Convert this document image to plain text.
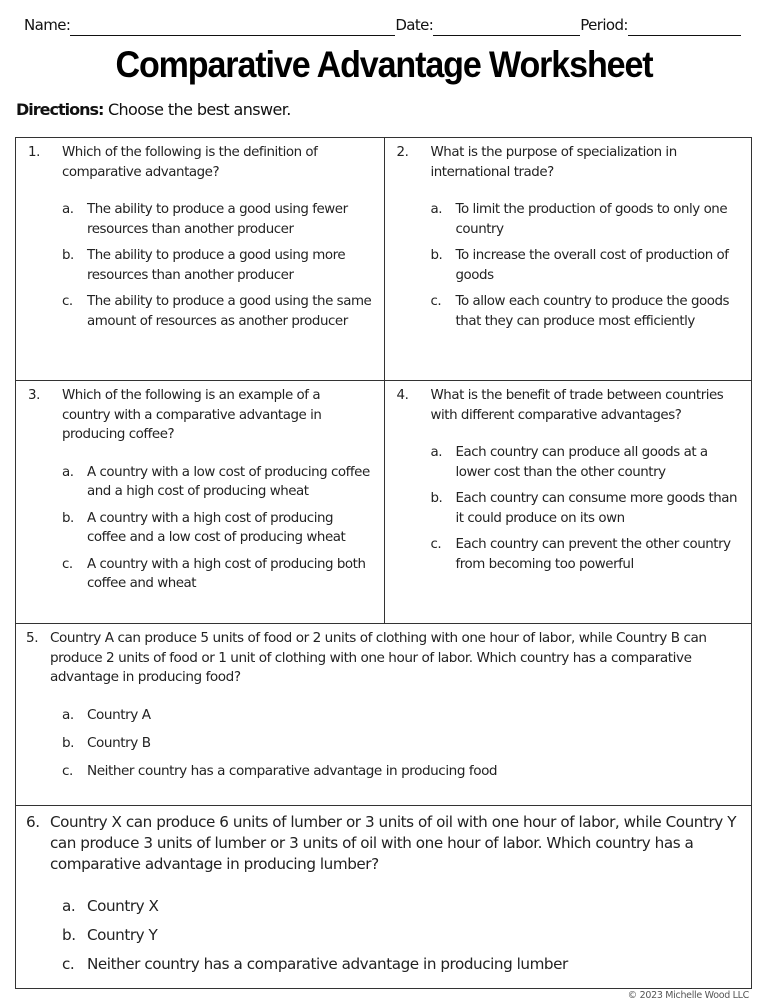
Name:	Date:	Period:
Comparative Advantage Worksheet
Directions: Choose the best answer.
1.	Which of the following is the definition of comparative advantage?
a.	The ability to produce a good using fewer resources than another producer
b. The ability to produce a good using more resources than another producer
c.	The ability to produce a good using the same amount of resources as another producer
2.	What is the purpose of specialization in international trade?
a.	To limit the production of goods to only one country
b. To increase the overall cost of production of goods
c.	To allow each country to produce the goods that they can produce most efficiently
3.	Which of the following is an example of a country with a comparative advantage in producing coffee?
a.	A country with a low cost of producing coffee and a high cost of producing wheat
b. A country with a high cost of producing coffee and a low cost of producing wheat
c.	A country with a high cost of producing both coffee and wheat
4.	What is the benefit of trade between countries with different comparative advantages?
a.	Each country can produce all goods at a lower cost than the other country
b. Each country can consume more goods than it could produce on its own
c.	Each country can prevent the other country from becoming too powerful
5. Country A can produce 5 units of food or 2 units of clothing with one hour of labor, while Country B can produce 2 units of food or 1 unit of clothing with one hour of labor. Which country has a comparative advantage in producing food?
a. Country A
b. Country B
c.	Neither country has a comparative advantage in producing food
6. Country X can produce 6 units of lumber or 3 units of oil with one hour of labor, while Country Y can produce 3 units of lumber or 3 units of oil with one hour of labor. Which country has a comparative advantage in producing lumber?
a. Country X
b. Country Y
c. Neither country has a comparative advantage in producing lumber
© 2023 Michelle Wood LLC
